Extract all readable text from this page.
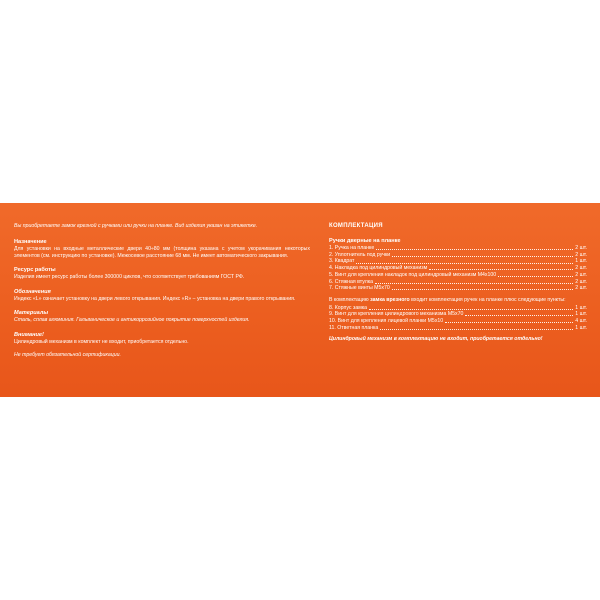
Вы приобретаете замок врезной с ручками или ручки на планке. Вид изделия указан на этикетке.

Назначение

Для установки на входные металлические двери 40÷80 мм (толщина указана с учетом укорачивания некоторых элементов (см. инструкцию по установке). Межосевое расстояние 68 мм. Не имеет автоматического закрывания.

Ресурс работы

Изделия имеет ресурс работы более 300000 циклов, что соответствует требованиям ГОСТ РФ.

Обозначения

Индекс «L» означает установку на двери левого открывания. Индекс «R» – установка на двери правого открывания.

Материалы

Сталь, сплав алюминия. Гальваническое и антикоррозийное покрытие поверхностей изделия.

Внимание!

Цилиндровый механизм в комплект не входит, приобретается отдельно.

Не требует обязательной сертификации.

КОМПЛЕКТАЦИЯ

Ручки дверные на планке

1. Ручка на планке	2 шт.
2. Уплотнитель под ручки	2 шт.
3. Квадрат	1 шт.
4. Накладка под цилиндровый механизм	2 шт.
5. Винт для крепления накладок под цилиндровый механизм М4х100	2 шт.
6. Стяжная втулка	2 шт.
7. Стяжные винты М5х70	2 шт.

В комплектацию замка врезного входит комплектация ручек на планке плюс следующие пункты:

8. Корпус замка	1 шт.
9. Винт для крепления цилиндрового механизма М5х70	1 шт.
10. Винт для крепления лицевой планки М5х10	4 шт.
11. Ответная планка	1 шт.

Цилиндровый механизм в комплектацию не входит, приобретается отдельно!
